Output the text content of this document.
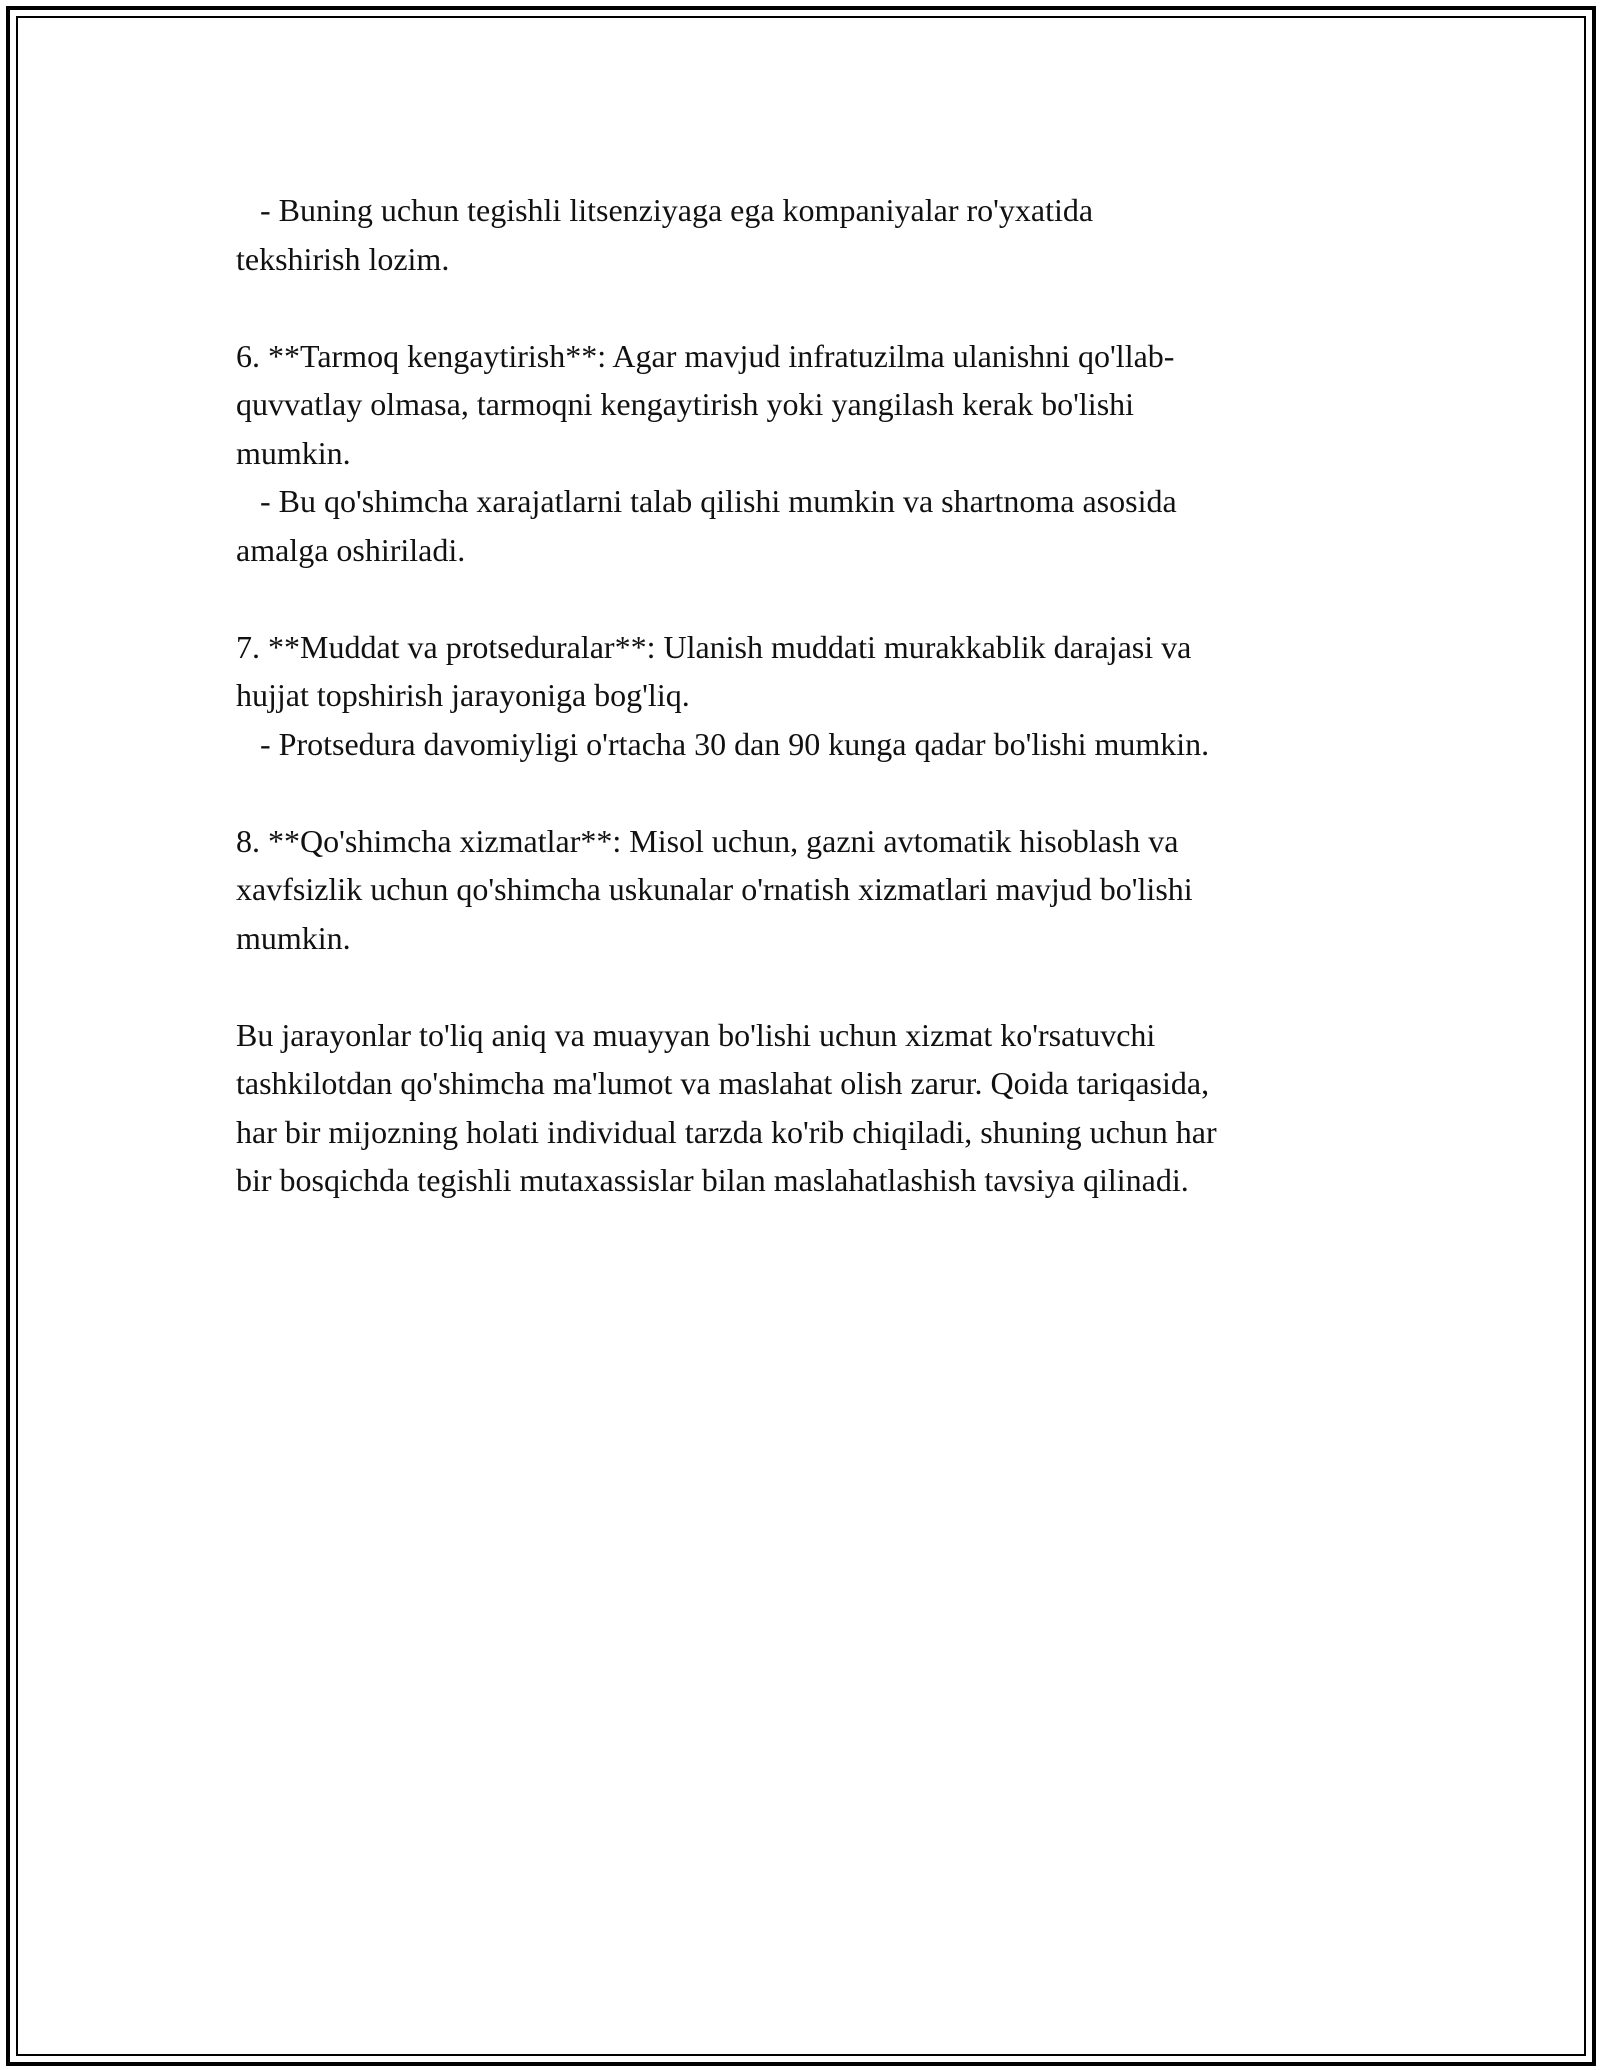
- Buning uchun tegishli litsenziyaga ega kompaniyalar ro'yxatida
tekshirish lozim.
6. **Tarmoq kengaytirish**: Agar mavjud infratuzilma ulanishni qo'llab-
quvvatlay olmasa, tarmoqni kengaytirish yoki yangilash kerak bo'lishi
mumkin.
- Bu qo'shimcha xarajatlarni talab qilishi mumkin va shartnoma asosida
amalga oshiriladi.
7. **Muddat va protseduralar**: Ulanish muddati murakkablik darajasi va
hujjat topshirish jarayoniga bog'liq.
- Protsedura davomiyligi o'rtacha 30 dan 90 kunga qadar bo'lishi mumkin.
8. **Qo'shimcha xizmatlar**: Misol uchun, gazni avtomatik hisoblash va
xavfsizlik uchun qo'shimcha uskunalar o'rnatish xizmatlari mavjud bo'lishi
mumkin.
Bu jarayonlar to'liq aniq va muayyan bo'lishi uchun xizmat ko'rsatuvchi
tashkilotdan qo'shimcha ma'lumot va maslahat olish zarur. Qoida tariqasida,
har bir mijozning holati individual tarzda ko'rib chiqiladi, shuning uchun har
bir bosqichda tegishli mutaxassislar bilan maslahatlashish tavsiya qilinadi.
